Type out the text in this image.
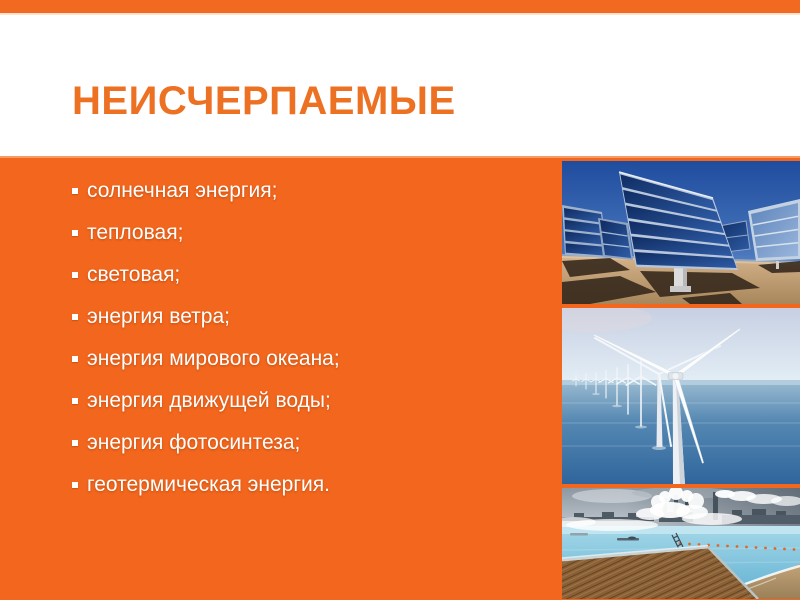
НЕИСЧЕРПАЕМЫЕ
солнечная энергия;
тепловая;
световая;
энергия ветра;
энергия мирового океана;
энергия движущей воды;
энергия фотосинтеза;
геотермическая энергия.
